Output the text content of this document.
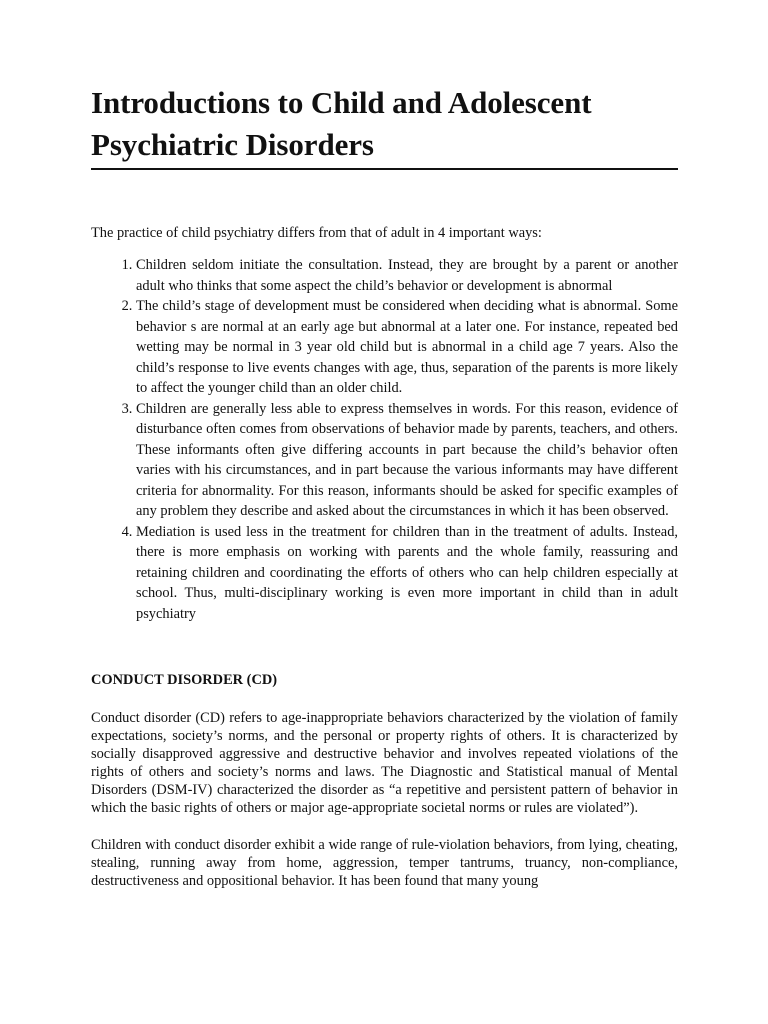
Introductions to Child and Adolescent
Psychiatric Disorders

The practice of child psychiatry differs from that of adult in 4 important ways:

1. Children seldom initiate the consultation. Instead, they are brought by a parent or another adult who thinks that some aspect the child’s behavior or development is abnormal
2. The child’s stage of development must be considered when deciding what is abnormal. Some behavior s are normal at an early age but abnormal at a later one. For instance, repeated bed wetting may be normal in 3 year old child but is abnormal in a child age 7 years. Also the child’s response to live events changes with age, thus, separation of the parents is more likely to affect the younger child than an older child.
3. Children are generally less able to express themselves in words. For this reason, evidence of disturbance often comes from observations of behavior made by parents, teachers, and others. These informants often give differing accounts in part because the child’s behavior often varies with his circumstances, and in part because the various informants may have different criteria for abnormality. For this reason, informants should be asked for specific examples of any problem they describe and asked about the circumstances in which it has been observed.
4. Mediation is used less in the treatment for children than in the treatment of adults. Instead, there is more emphasis on working with parents and the whole family, reassuring and retaining children and coordinating the efforts of others who can help children especially at school. Thus, multi-disciplinary working is even more important in child than in adult psychiatry
CONDUCT DISORDER (CD)

Conduct disorder (CD) refers to age-inappropriate behaviors characterized by the violation of family expectations, society’s norms, and the personal or property rights of others. It is characterized by socially disapproved aggressive and destructive behavior and involves repeated violations of the rights of others and society’s norms and laws. The Diagnostic and Statistical manual of Mental Disorders (DSM-IV) characterized the disorder as “a repetitive and persistent pattern of behavior in which the basic rights of others or major age-appropriate societal norms or rules are violated”).

Children with conduct disorder exhibit a wide range of rule-violation behaviors, from lying, cheating, stealing, running away from home, aggression, temper tantrums, truancy, non-compliance, destructiveness and oppositional behavior. It has been found that many young
